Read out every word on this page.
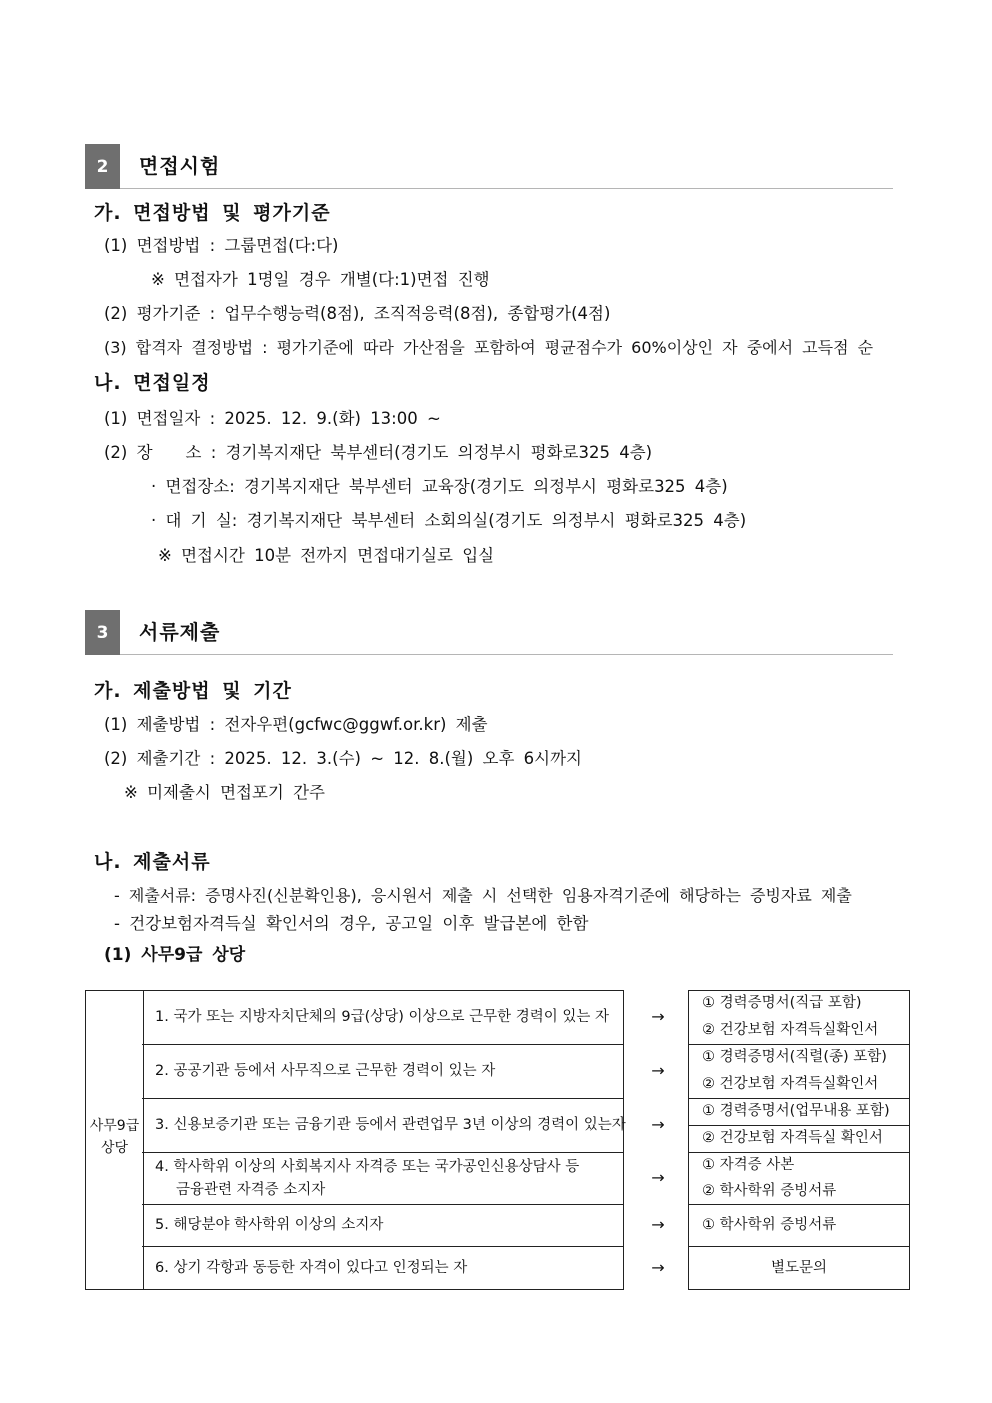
2	면접시험
가. 면접방법 및 평가기준
(1) 면접방법 : 그룹면접(다:다)
※ 면접자가 1명일 경우 개별(다:1)면접 진행
(2) 평가기준 : 업무수행능력(8점), 조직적응력(8점), 종합평가(4점)
(3) 합격자 결정방법 : 평가기준에 따라 가산점을 포함하여 평균점수가 60%이상인 자 중에서 고득점 순
나. 면접일정
(1) 면접일자 : 2025. 12. 9.(화) 13:00 ~
(2) 장　　소 : 경기복지재단 북부센터(경기도 의정부시 평화로325 4층)
· 면접장소: 경기복지재단 북부센터 교육장(경기도 의정부시 평화로325 4층)
· 대 기 실: 경기복지재단 북부센터 소회의실(경기도 의정부시 평화로325 4층)
※ 면접시간 10분 전까지 면접대기실로 입실
3	서류제출
가. 제출방법 및 기간
(1) 제출방법 : 전자우편(gcfwc@ggwf.or.kr) 제출
(2) 제출기간 : 2025. 12. 3.(수) ~ 12. 8.(월) 오후 6시까지
※ 미제출시 면접포기 간주
나. 제출서류
- 제출서류: 증명사진(신분확인용), 응시원서 제출 시 선택한 임용자격기준에 해당하는 증빙자료 제출
- 건강보험자격득실 확인서의 경우, 공고일 이후 발급본에 한함
(1) 사무9급 상당
사무9급
상당
1. 국가 또는 지방자치단체의 9급(상당) 이상으로 근무한 경력이 있는 자
2. 공공기관 등에서 사무직으로 근무한 경력이 있는 자
3. 신용보증기관 또는 금융기관 등에서 관련업무 3년 이상의 경력이 있는자
4. 학사학위 이상의 사회복지사 자격증 또는 국가공인신용상담사 등
금융관련 자격증 소지자
5. 해당분야 학사학위 이상의 소지자
6. 상기 각항과 동등한 자격이 있다고 인정되는 자
→
→
→
→
→
→
① 경력증명서(직급 포함)
② 건강보험 자격득실확인서
① 경력증명서(직렬(종) 포함)
② 건강보험 자격득실확인서
① 경력증명서(업무내용 포함)
② 건강보험 자격득실 확인서
① 자격증 사본
② 학사학위 증빙서류
① 학사학위 증빙서류
별도문의
